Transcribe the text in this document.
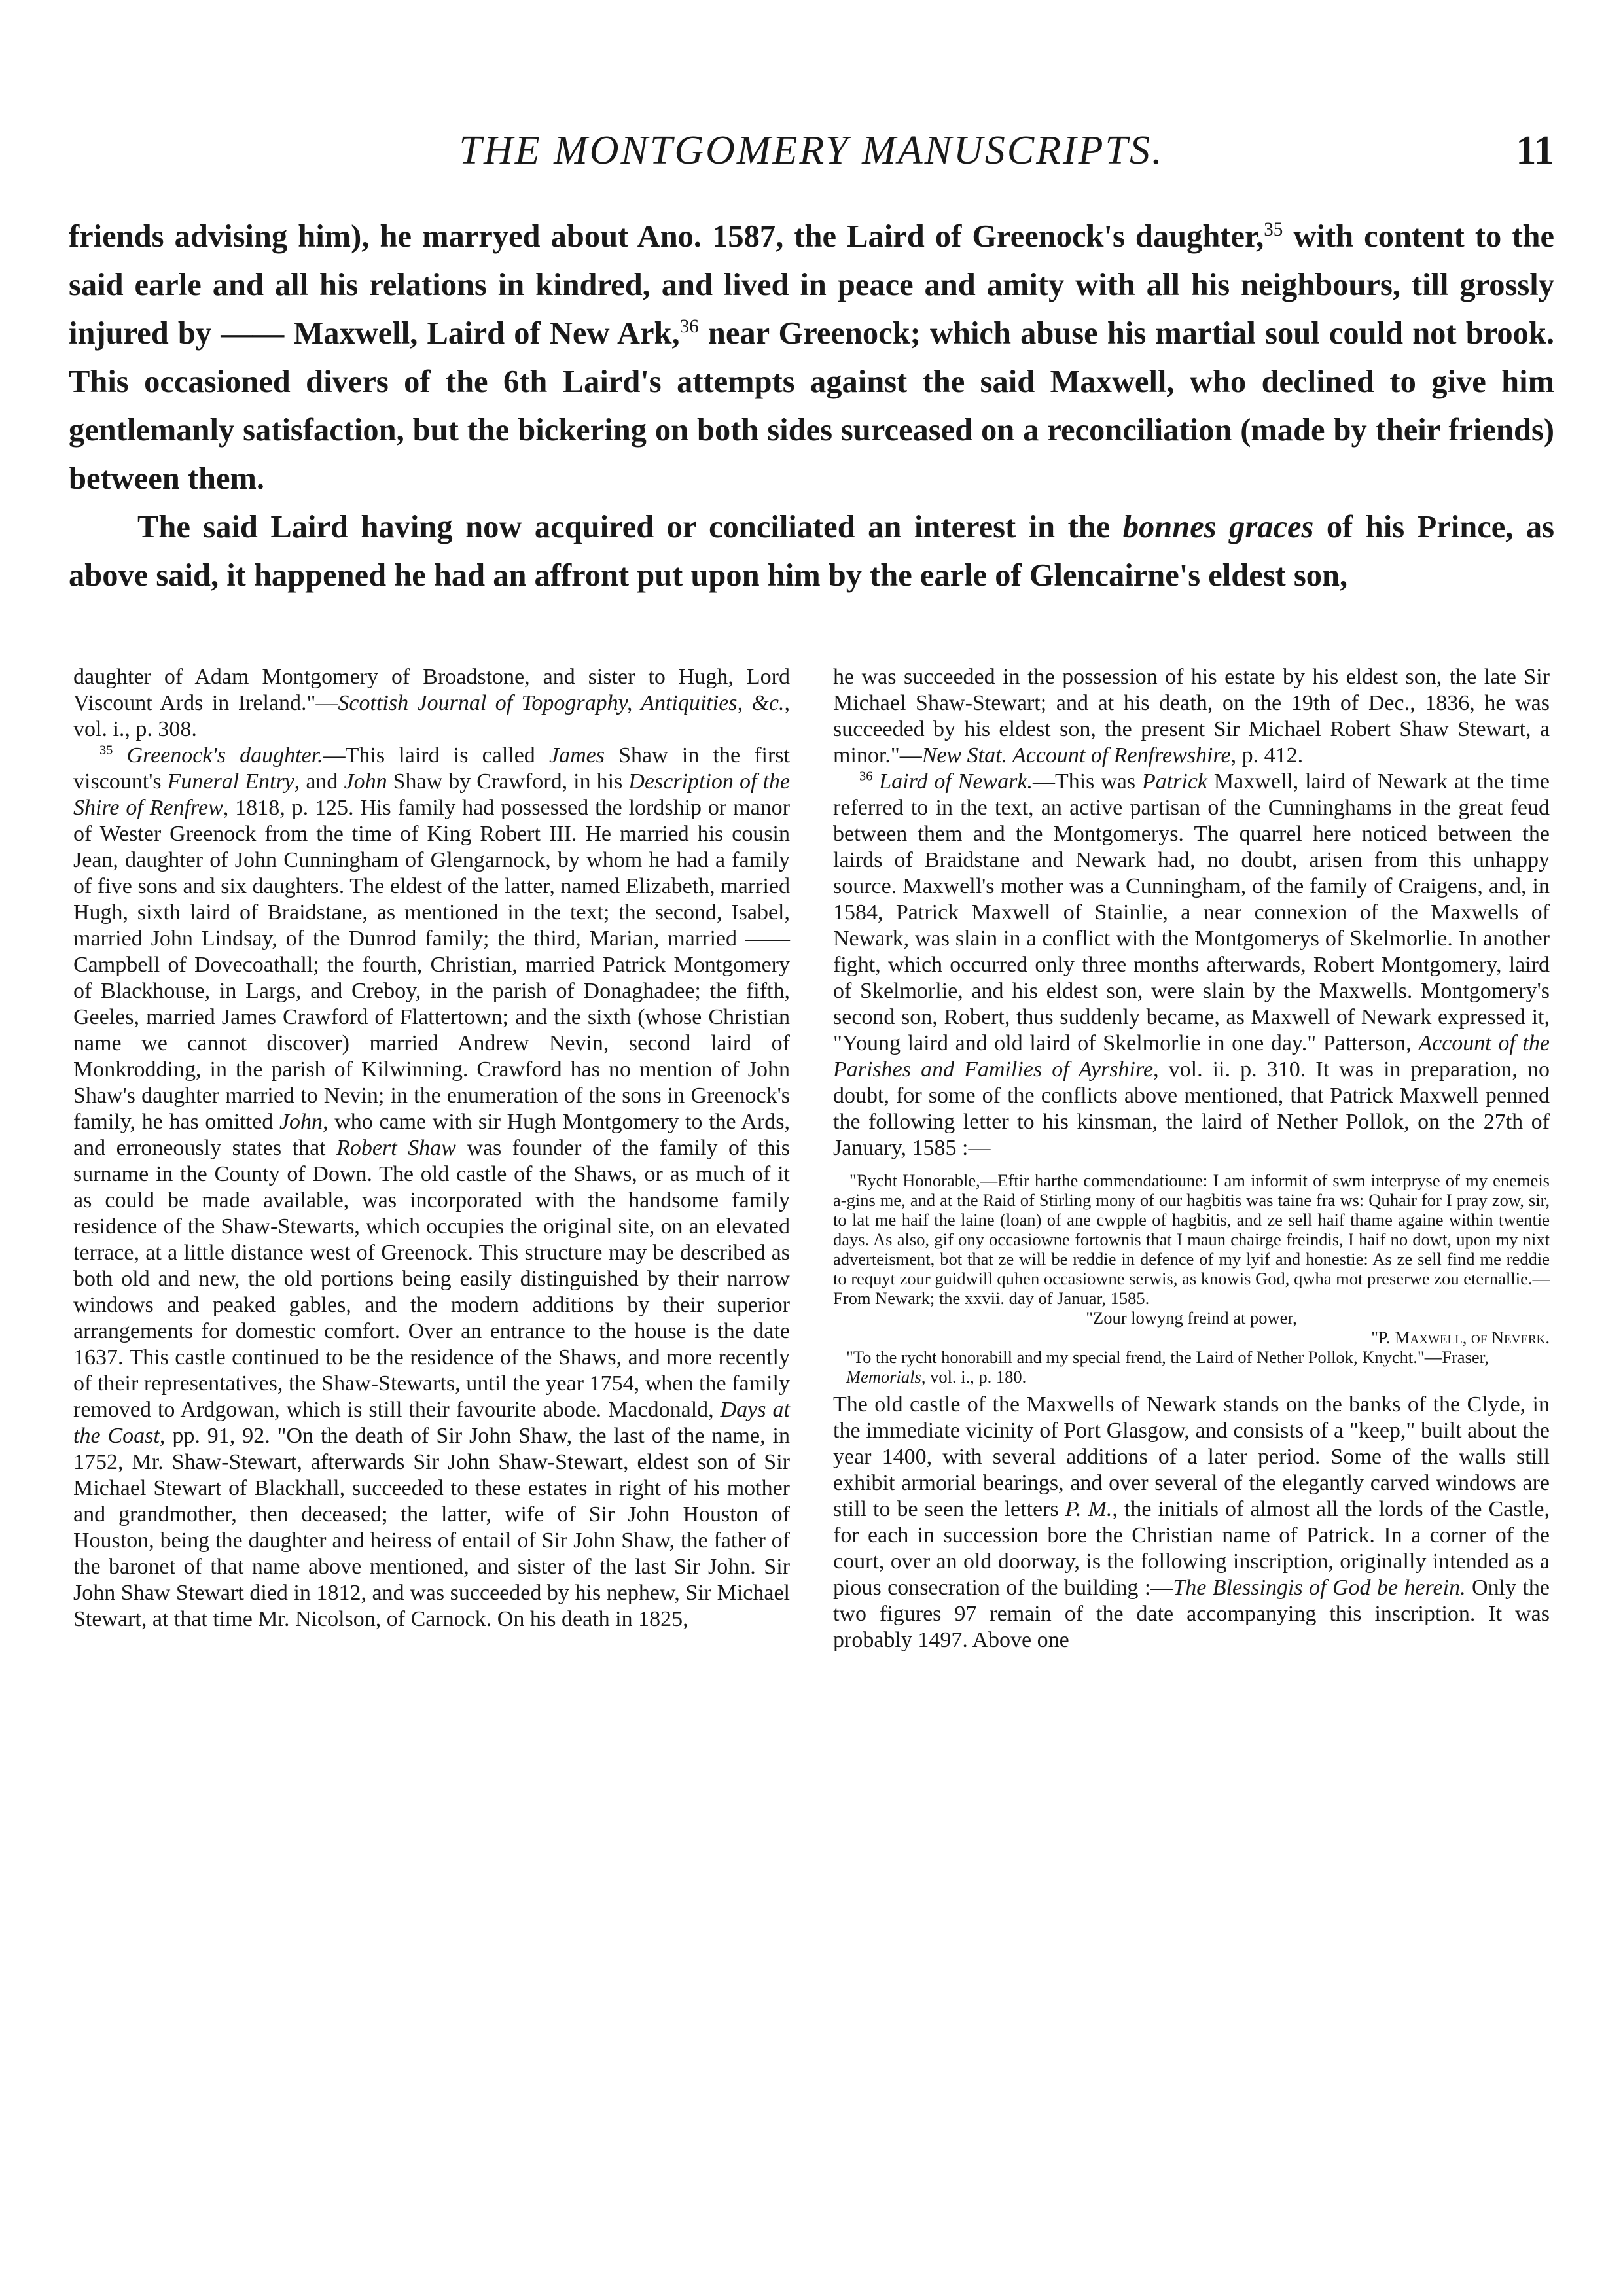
THE MONTGOMERY MANUSCRIPTS.	11

friends advising him), he marryed about Ano. 1587, the Laird of Greenock's daughter,$^{35}$ with content to the said earle and all his relations in kindred, and lived in peace and amity with all his neighbours, till grossly injured by —— Maxwell, Laird of New Ark,$^{36}$ near Greenock; which abuse his martial soul could not brook. This occasioned divers of the 6th Laird's attempts against the said Maxwell, who declined to give him gentlemanly satisfaction, but the bickering on both sides surceased on a reconciliation (made by their friends) between them.

The said Laird having now acquired or conciliated an interest in the bonnes graces of his Prince, as above said, it happened he had an affront put upon him by the earle of Glencairne's eldest son,

daughter of Adam Montgomery of Broadstone, and sister to Hugh, Lord Viscount Ards in Ireland."—Scottish Journal of Topography, Antiquities, &c., vol. i., p. 308.

$^{35}$ Greenock's daughter.—This laird is called James Shaw in the first viscount's Funeral Entry, and John Shaw by Crawford, in his Description of the Shire of Renfrew, 1818, p. 125. His family had possessed the lordship or manor of Wester Greenock from the time of King Robert III. He married his cousin Jean, daughter of John Cunningham of Glengarnock, by whom he had a family of five sons and six daughters. The eldest of the latter, named Elizabeth, married Hugh, sixth laird of Braidstane, as mentioned in the text; the second, Isabel, married John Lindsay, of the Dunrod family; the third, Marian, married —— Campbell of Dovecoathall; the fourth, Christian, married Patrick Montgomery of Blackhouse, in Largs, and Creboy, in the parish of Donaghadee; the fifth, Geeles, married James Crawford of Flattertown; and the sixth (whose Christian name we cannot discover) married Andrew Nevin, second laird of Monkrodding, in the parish of Kilwinning. Crawford has no mention of John Shaw's daughter married to Nevin; in the enumeration of the sons in Greenock's family, he has omitted John, who came with sir Hugh Montgomery to the Ards, and erroneously states that Robert Shaw was founder of the family of this surname in the County of Down. The old castle of the Shaws, or as much of it as could be made available, was incorporated with the handsome family residence of the Shaw-Stewarts, which occupies the original site, on an elevated terrace, at a little distance west of Greenock. This structure may be described as both old and new, the old portions being easily distinguished by their narrow windows and peaked gables, and the modern additions by their superior arrangements for domestic comfort. Over an entrance to the house is the date 1637. This castle continued to be the residence of the Shaws, and more recently of their representatives, the Shaw-Stewarts, until the year 1754, when the family removed to Ardgowan, which is still their favourite abode. Macdonald, Days at the Coast, pp. 91, 92. "On the death of Sir John Shaw, the last of the name, in 1752, Mr. Shaw-Stewart, afterwards Sir John Shaw-Stewart, eldest son of Sir Michael Stewart of Blackhall, succeeded to these estates in right of his mother and grandmother, then deceased; the latter, wife of Sir John Houston of Houston, being the daughter and heiress of entail of Sir John Shaw, the father of the baronet of that name above mentioned, and sister of the last Sir John. Sir John Shaw Stewart died in 1812, and was succeeded by his nephew, Sir Michael Stewart, at that time Mr. Nicolson, of Carnock. On his death in 1825,

he was succeeded in the possession of his estate by his eldest son, the late Sir Michael Shaw-Stewart; and at his death, on the 19th of Dec., 1836, he was succeeded by his eldest son, the present Sir Michael Robert Shaw Stewart, a minor."—New Stat. Account of Renfrewshire, p. 412.

$^{36}$ Laird of Newark.—This was Patrick Maxwell, laird of Newark at the time referred to in the text, an active partisan of the Cunninghams in the great feud between them and the Montgomerys. The quarrel here noticed between the lairds of Braidstane and Newark had, no doubt, arisen from this unhappy source. Maxwell's mother was a Cunningham, of the family of Craigens, and, in 1584, Patrick Maxwell of Stainlie, a near connexion of the Maxwells of Newark, was slain in a conflict with the Montgomerys of Skelmorlie. In another fight, which occurred only three months afterwards, Robert Montgomery, laird of Skelmorlie, and his eldest son, were slain by the Maxwells. Montgomery's second son, Robert, thus suddenly became, as Maxwell of Newark expressed it, "Young laird and old laird of Skelmorlie in one day." Patterson, Account of the Parishes and Families of Ayrshire, vol. ii. p. 310. It was in preparation, no doubt, for some of the conflicts above mentioned, that Patrick Maxwell penned the following letter to his kinsman, the laird of Nether Pollok, on the 27th of January, 1585 :—

"Rycht Honorable,—Eftir harthe commendatioune: I am informit of swm interpryse of my enemeis a-gins me, and at the Raid of Stirling mony of our hagbitis was taine fra ws: Quhair for I pray zow, sir, to lat me haif the laine (loan) of ane cwpple of hagbitis, and ze sell haif thame againe within twentie days. As also, gif ony occasiowne fortownis that I maun chairge freindis, I haif no dowt, upon my nixt adverteisment, bot that ze will be reddie in defence of my lyif and honestie: As ze sell find me reddie to requyt zour guidwill quhen occasiowne serwis, as knowis God, qwha mot preserwe zou eternallie.—From Newark; the xxvii. day of Januar, 1585.

"Zour lowyng freind at power,

"P. Maxwell, of Neverk.

"To the rycht honorabill and my special frend, the Laird of Nether Pollok, Knycht."—Fraser, Memorials, vol. i., p. 180.

The old castle of the Maxwells of Newark stands on the banks of the Clyde, in the immediate vicinity of Port Glasgow, and consists of a "keep," built about the year 1400, with several additions of a later period. Some of the walls still exhibit armorial bearings, and over several of the elegantly carved windows are still to be seen the letters P. M., the initials of almost all the lords of the Castle, for each in succession bore the Christian name of Patrick. In a corner of the court, over an old doorway, is the following inscription, originally intended as a pious consecration of the building :—The Blessingis of God be herein. Only the two figures 97 remain of the date accompanying this inscription. It was probably 1497. Above one
